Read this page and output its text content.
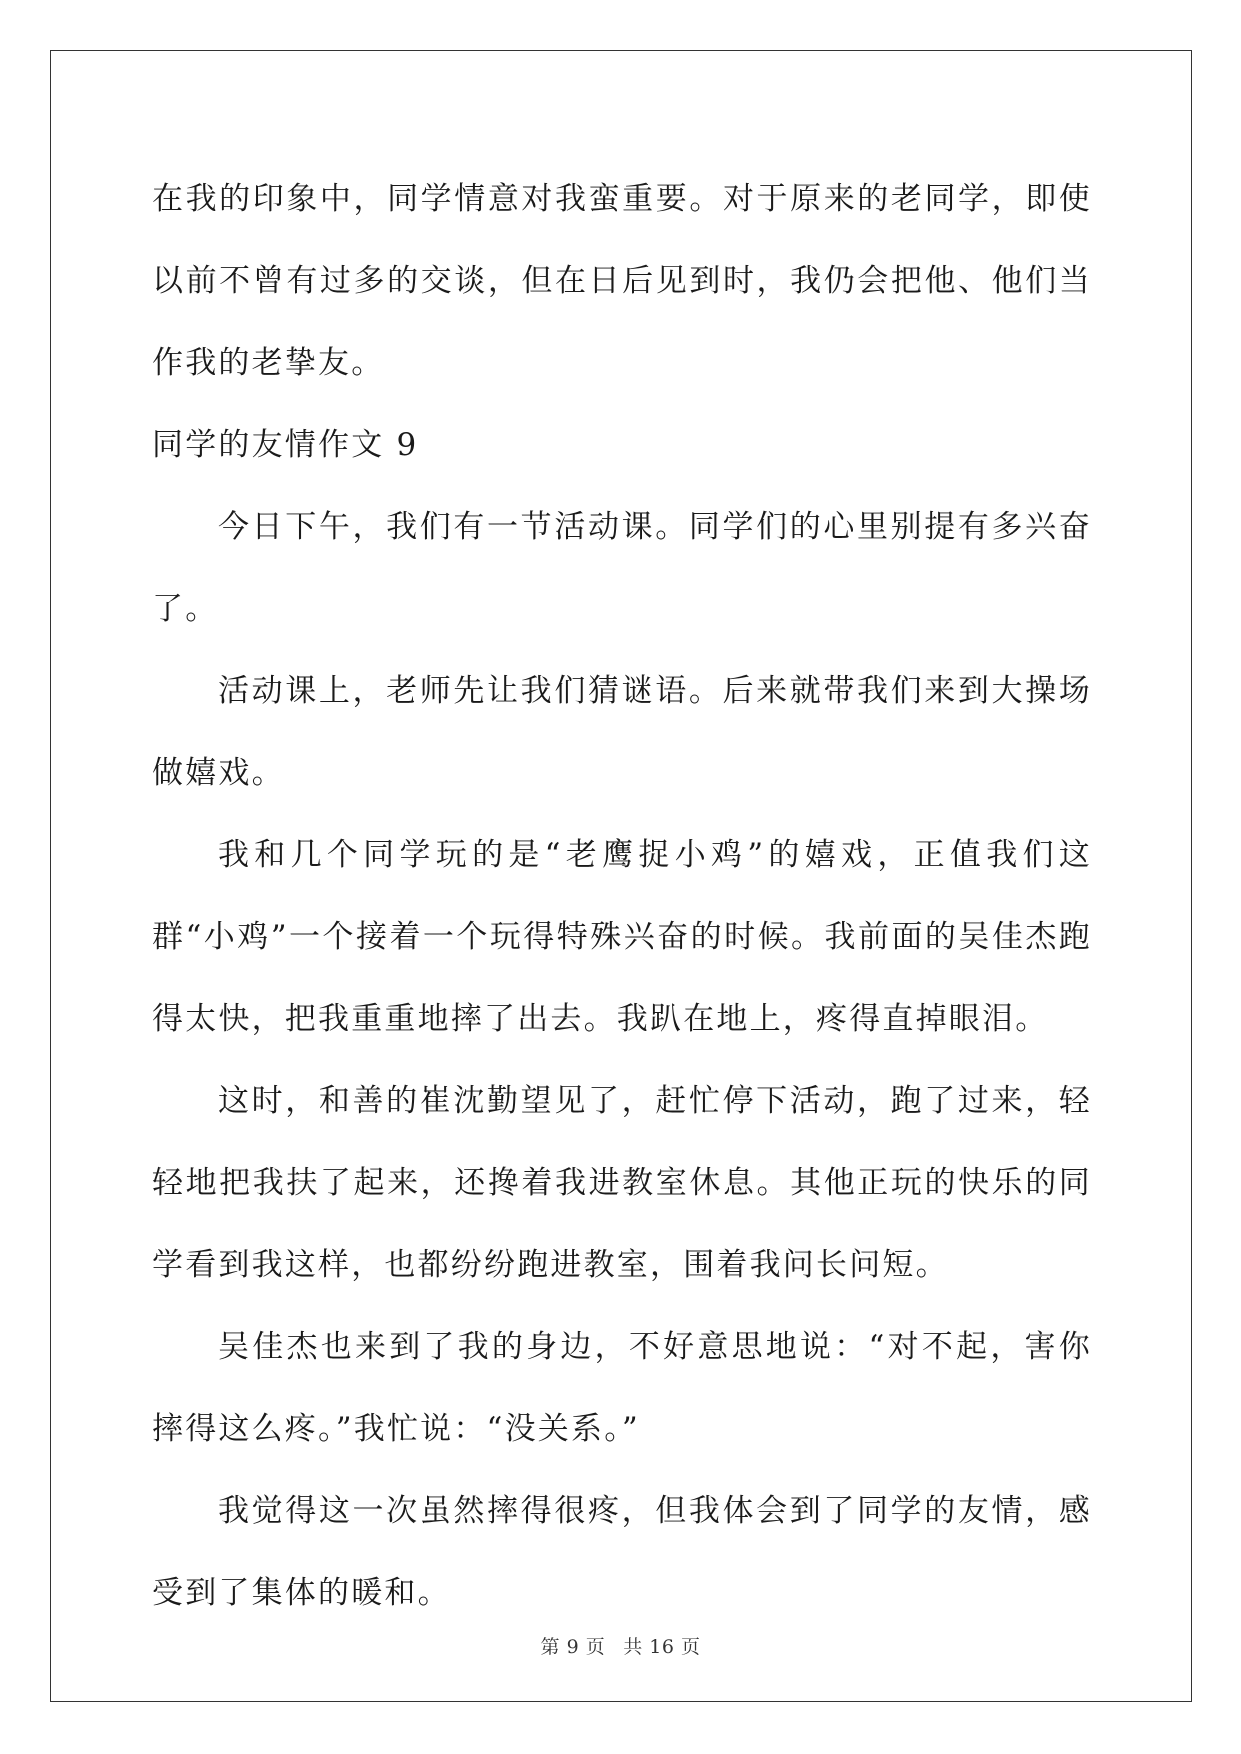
在我的印象中，同学情意对我蛮重要。对于原来的老同学，即使以前不曾有过多的交谈，但在日后见到时，我仍会把他、他们当作我的老挚友。

同学的友情作文 9

今日下午，我们有一节活动课。同学们的心里别提有多兴奋了。

活动课上，老师先让我们猜谜语。后来就带我们来到大操场做嬉戏。

我和几个同学玩的是“老鹰捉小鸡”的嬉戏，正值我们这群“小鸡”一个接着一个玩得特殊兴奋的时候。我前面的吴佳杰跑得太快，把我重重地摔了出去。我趴在地上，疼得直掉眼泪。

这时，和善的崔沈勤望见了，赶忙停下活动，跑了过来，轻轻地把我扶了起来，还搀着我进教室休息。其他正玩的快乐的同学看到我这样，也都纷纷跑进教室，围着我问长问短。

吴佳杰也来到了我的身边，不好意思地说：“对不起，害你摔得这么疼。”我忙说：“没关系。”

我觉得这一次虽然摔得很疼，但我体会到了同学的友情，感受到了集体的暖和。

第 9 页 共 16 页
